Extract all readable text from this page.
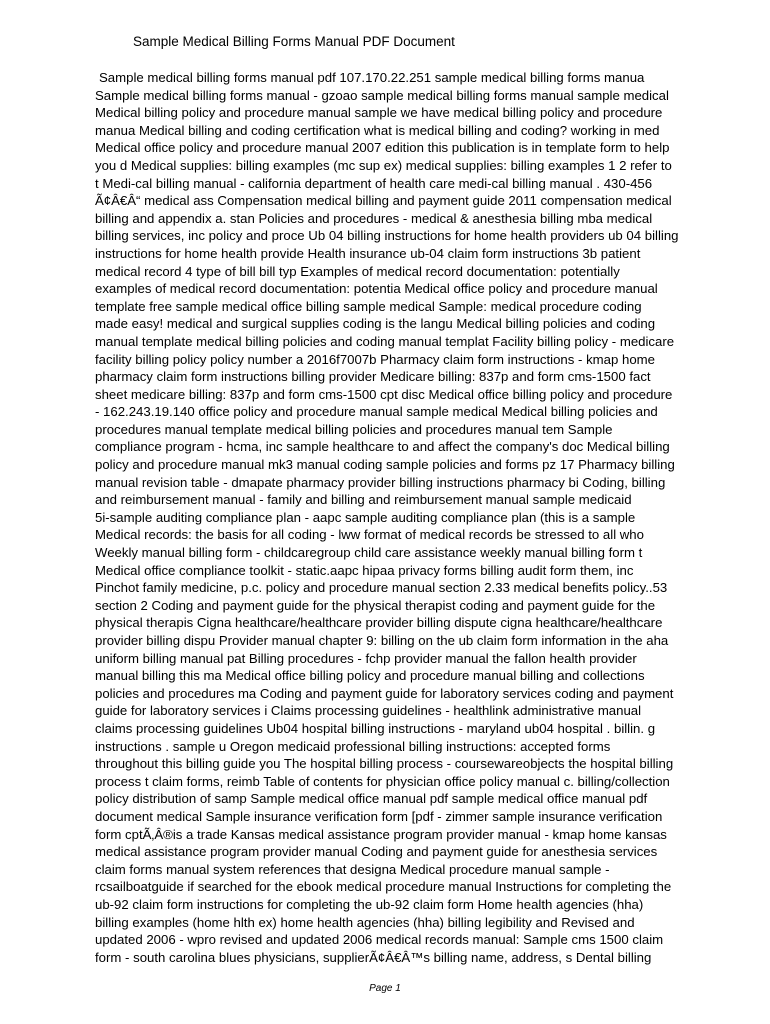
Sample Medical Billing Forms Manual PDF Document
Sample medical billing forms manual pdf 107.170.22.251 sample medical billing forms manua
Sample medical billing forms manual - gzoao sample medical billing forms manual sample medical
Medical billing policy and procedure manual sample we have medical billing policy and procedure
manua Medical billing and coding certification what is medical billing and coding? working in med
Medical office policy and procedure manual 2007 edition this publication is in template form to help
you d Medical supplies: billing examples (mc sup ex) medical supplies: billing examples 1 2 refer to
t Medi-cal billing manual - california department of health care medi-cal billing manual . 430-456
Ã¢Â€Â“ medical ass Compensation medical billing and payment guide 2011 compensation medical
billing and appendix a. stan Policies and procedures - medical & anesthesia billing mba medical
billing services, inc policy and proce Ub 04 billing instructions for home health providers ub 04 billing
instructions for home health provide Health insurance ub-04 claim form instructions 3b patient
medical record 4 type of bill bill typ Examples of medical record documentation: potentially
examples of medical record documentation: potentia Medical office policy and procedure manual
template free sample medical office billing sample medical Sample: medical procedure coding
made easy! medical and surgical supplies coding is the langu Medical billing policies and coding
manual template medical billing policies and coding manual templat Facility billing policy - medicare
facility billing policy policy number a 2016f7007b Pharmacy claim form instructions - kmap home
pharmacy claim form instructions billing provider Medicare billing: 837p and form cms-1500 fact
sheet medicare billing: 837p and form cms-1500 cpt disc Medical office billing policy and procedure
- 162.243.19.140 office policy and procedure manual sample medical Medical billing policies and
procedures manual template medical billing policies and procedures manual tem Sample
compliance program - hcma, inc sample healthcare to and affect the company's doc Medical billing
policy and procedure manual mk3 manual coding sample policies and forms pz 17 Pharmacy billing
manual revision table - dmapate pharmacy provider billing instructions pharmacy bi Coding, billing
and reimbursement manual - family and billing and reimbursement manual sample medicaid
5i-sample auditing compliance plan - aapc sample auditing compliance plan (this is a sample
Medical records: the basis for all coding - lww format of medical records be stressed to all who
Weekly manual billing form - childcaregroup child care assistance weekly manual billing form t
Medical office compliance toolkit - static.aapc hipaa privacy forms billing audit form them, inc
Pinchot family medicine, p.c. policy and procedure manual section 2.33 medical benefits policy..53
section 2 Coding and payment guide for the physical therapist coding and payment guide for the
physical therapis Cigna healthcare/healthcare provider billing dispute cigna healthcare/healthcare
provider billing dispu Provider manual chapter 9: billing on the ub claim form information in the aha
uniform billing manual pat Billing procedures - fchp provider manual the fallon health provider
manual billing this ma Medical office billing policy and procedure manual billing and collections
policies and procedures ma Coding and payment guide for laboratory services coding and payment
guide for laboratory services i Claims processing guidelines - healthlink administrative manual
claims processing guidelines Ub04 hospital billing instructions - maryland ub04 hospital . billin. g
instructions . sample u Oregon medicaid professional billing instructions: accepted forms
throughout this billing guide you The hospital billing process - coursewareobjects the hospital billing
process t claim forms, reimb Table of contents for physician office policy manual c. billing/collection
policy distribution of samp Sample medical office manual pdf sample medical office manual pdf
document medical Sample insurance verification form [pdf - zimmer sample insurance verification
form cptÃ‚Â®is a trade Kansas medical assistance program provider manual - kmap home kansas
medical assistance program provider manual Coding and payment guide for anesthesia services
claim forms manual system references that designa Medical procedure manual sample -
rcsailboatguide if searched for the ebook medical procedure manual Instructions for completing the
ub-92 claim form instructions for completing the ub-92 claim form Home health agencies (hha)
billing examples (home hlth ex) home health agencies (hha) billing legibility and Revised and
updated 2006 - wpro revised and updated 2006 medical records manual: Sample cms 1500 claim
form - south carolina blues physicians, supplierÃ¢Â€Â™s billing name, address, s Dental billing
Page 1
